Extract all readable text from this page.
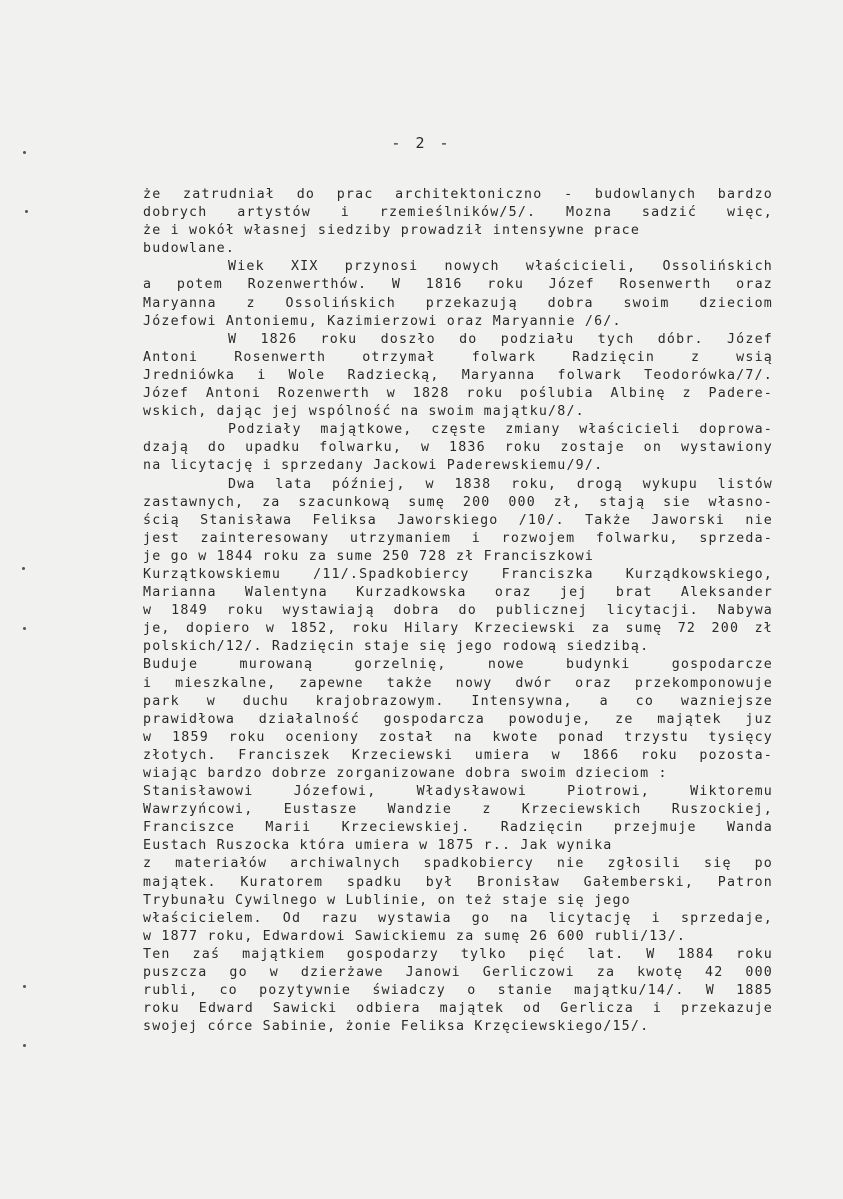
- 2 -
że zatrudniał do prac architektoniczno - budowlanych bardzo
dobrych artystów i rzemieślników/5/. Mozna sadzić więc,
że i wokół własnej siedziby prowadził intensywne prace
budowlane.
Wiek XIX przynosi nowych właścicieli, Ossolińskich
a potem Rozenwerthów. W 1816 roku Józef Rosenwerth oraz
Maryanna z Ossolińskich przekazują dobra swoim dzieciom
Józefowi Antoniemu, Kazimierzowi oraz Maryannie /6/.
W 1826 roku doszło do podziału tych dóbr. Józef
Antoni Rosenwerth otrzymał folwark Radzięcin z wsią
Jredniówka i Wole Radziecką, Maryanna folwark Teodorówka/7/.
Józef Antoni Rozenwerth w 1828 roku poślubia Albinę z Padere-
wskich, dając jej wspólność na swoim majątku/8/.
Podziały majątkowe, częste zmiany właścicieli doprowa-
dzają do upadku folwarku, w 1836 roku zostaje on wystawiony
na licytację i sprzedany Jackowi Paderewskiemu/9/.
Dwa lata później, w 1838 roku, drogą wykupu listów
zastawnych, za szacunkową sumę 200 000 zł, stają sie własno-
ścią Stanisława Feliksa Jaworskiego /10/. Także Jaworski nie
jest zainteresowany utrzymaniem i rozwojem folwarku, sprzeda-
je go w 1844 roku za sume 250 728 zł Franciszkowi
Kurzątkowskiemu /11/.Spadkobiercy Franciszka Kurządkowskiego,
Marianna Walentyna Kurzadkowska oraz jej brat Aleksander
w 1849 roku wystawiają dobra do publicznej licytacji. Nabywa
je, dopiero w 1852, roku Hilary Krzeciewski za sumę 72 200 zł
polskich/12/. Radzięcin staje się jego rodową siedzibą.
Buduje murowaną gorzelnię, nowe budynki gospodarcze
i mieszkalne, zapewne także nowy dwór oraz przekomponowuje
park w duchu krajobrazowym. Intensywna, a co wazniejsze
prawidłowa działalność gospodarcza powoduje, ze majątek juz
w 1859 roku oceniony został na kwote ponad trzystu tysięcy
złotych. Franciszek Krzeciewski umiera w 1866 roku pozosta-
wiając bardzo dobrze zorganizowane dobra swoim dzieciom :
Stanisławowi Józefowi, Władysławowi Piotrowi, Wiktoremu
Wawrzyńcowi, Eustasze Wandzie z Krzeciewskich Ruszockiej,
Franciszce Marii Krzeciewskiej. Radzięcin przejmuje Wanda
Eustach Ruszocka która umiera w 1875 r.. Jak wynika
z materiałów archiwalnych spadkobiercy nie zgłosili się po
majątek. Kuratorem spadku był Bronisław Gałemberski, Patron
Trybunału Cywilnego w Lublinie, on też staje się jego
właścicielem. Od razu wystawia go na licytację i sprzedaje,
w 1877 roku, Edwardowi Sawickiemu za sumę 26 600 rubli/13/.
Ten zaś majątkiem gospodarzy tylko pięć lat. W 1884 roku
puszcza go w dzierżawe Janowi Gerliczowi za kwotę 42 000
rubli, co pozytywnie świadczy o stanie majątku/14/. W 1885
roku Edward Sawicki odbiera majątek od Gerlicza i przekazuje
swojej córce Sabinie, żonie Feliksa Krzęciewskiego/15/.
